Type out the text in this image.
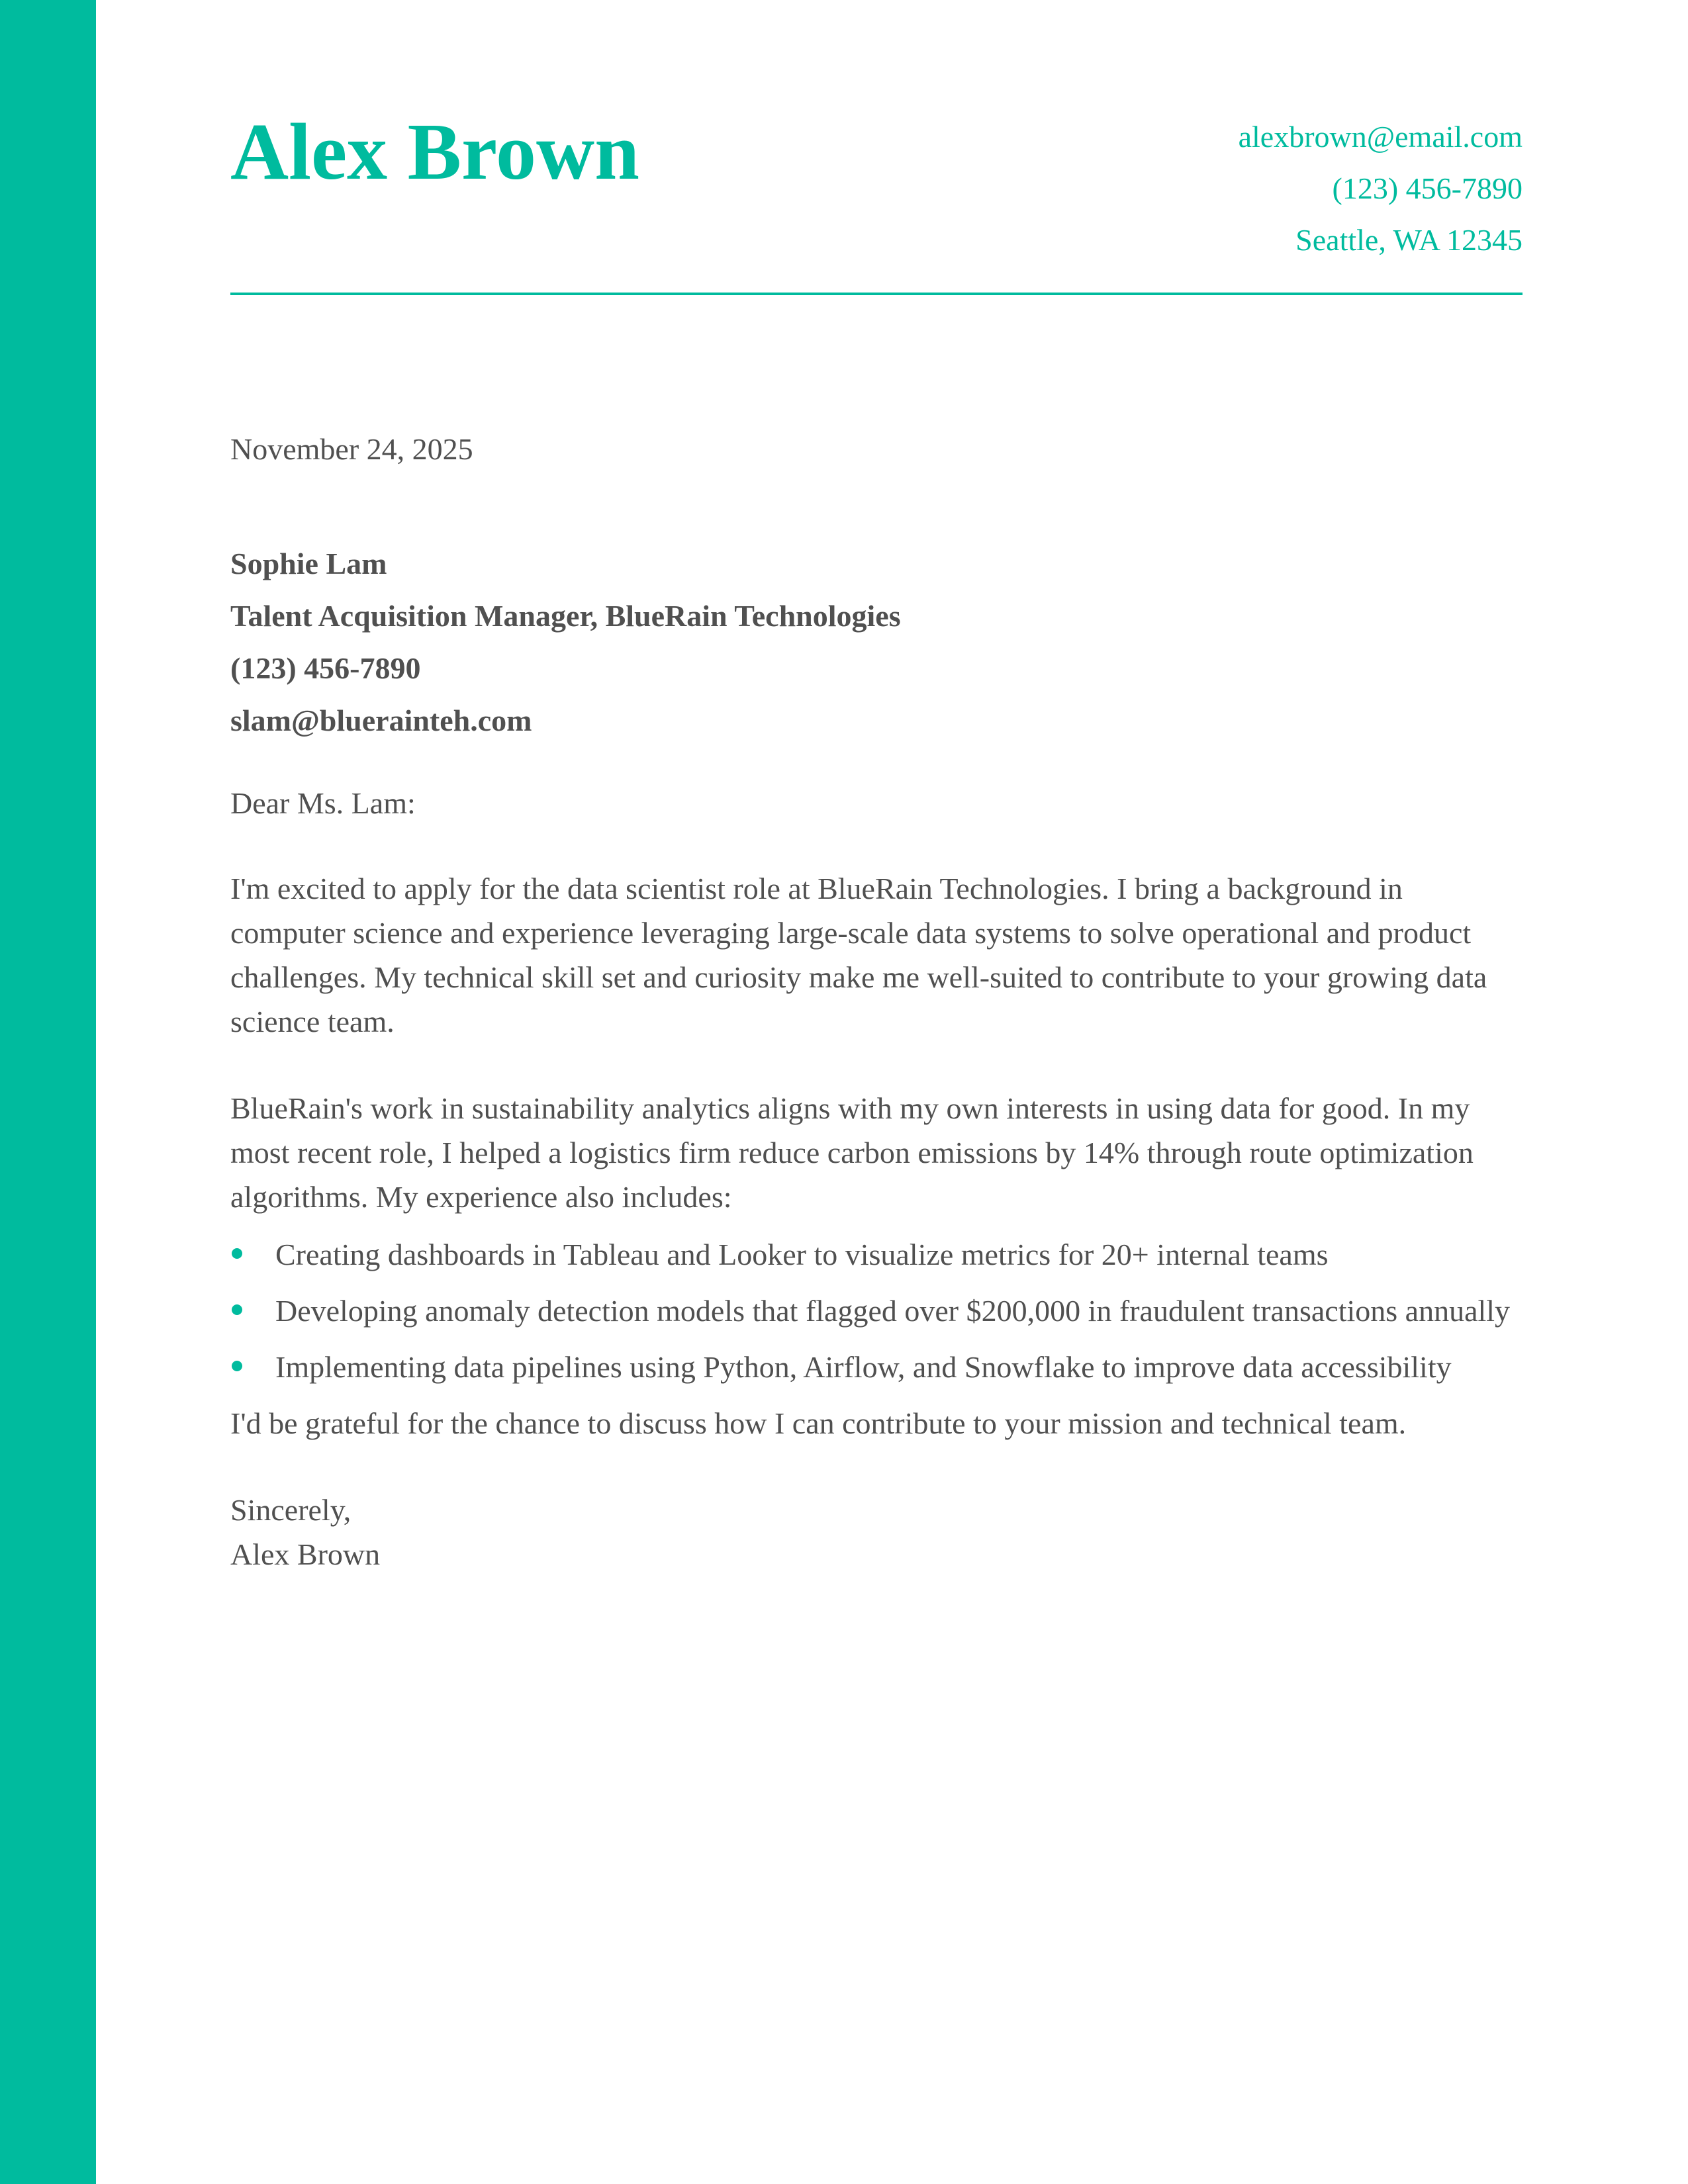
Alex Brown	alexbrown@email.com
(123) 456-7890
Seattle, WA 12345

November 24, 2025

Sophie Lam
Talent Acquisition Manager, BlueRain Technologies
(123) 456-7890
slam@bluerainteh.com

Dear Ms. Lam:

I'm excited to apply for the data scientist role at BlueRain Technologies. I bring a background in computer science and experience leveraging large-scale data systems to solve operational and product challenges. My technical skill set and curiosity make me well-suited to contribute to your growing data science team.

BlueRain's work in sustainability analytics aligns with my own interests in using data for good. In my most recent role, I helped a logistics firm reduce carbon emissions by 14% through route optimization algorithms. My experience also includes:

Creating dashboards in Tableau and Looker to visualize metrics for 20+ internal teams
Developing anomaly detection models that flagged over $200,000 in fraudulent transactions annually
Implementing data pipelines using Python, Airflow, and Snowflake to improve data accessibility

I'd be grateful for the chance to discuss how I can contribute to your mission and technical team.

Sincerely,
Alex Brown
